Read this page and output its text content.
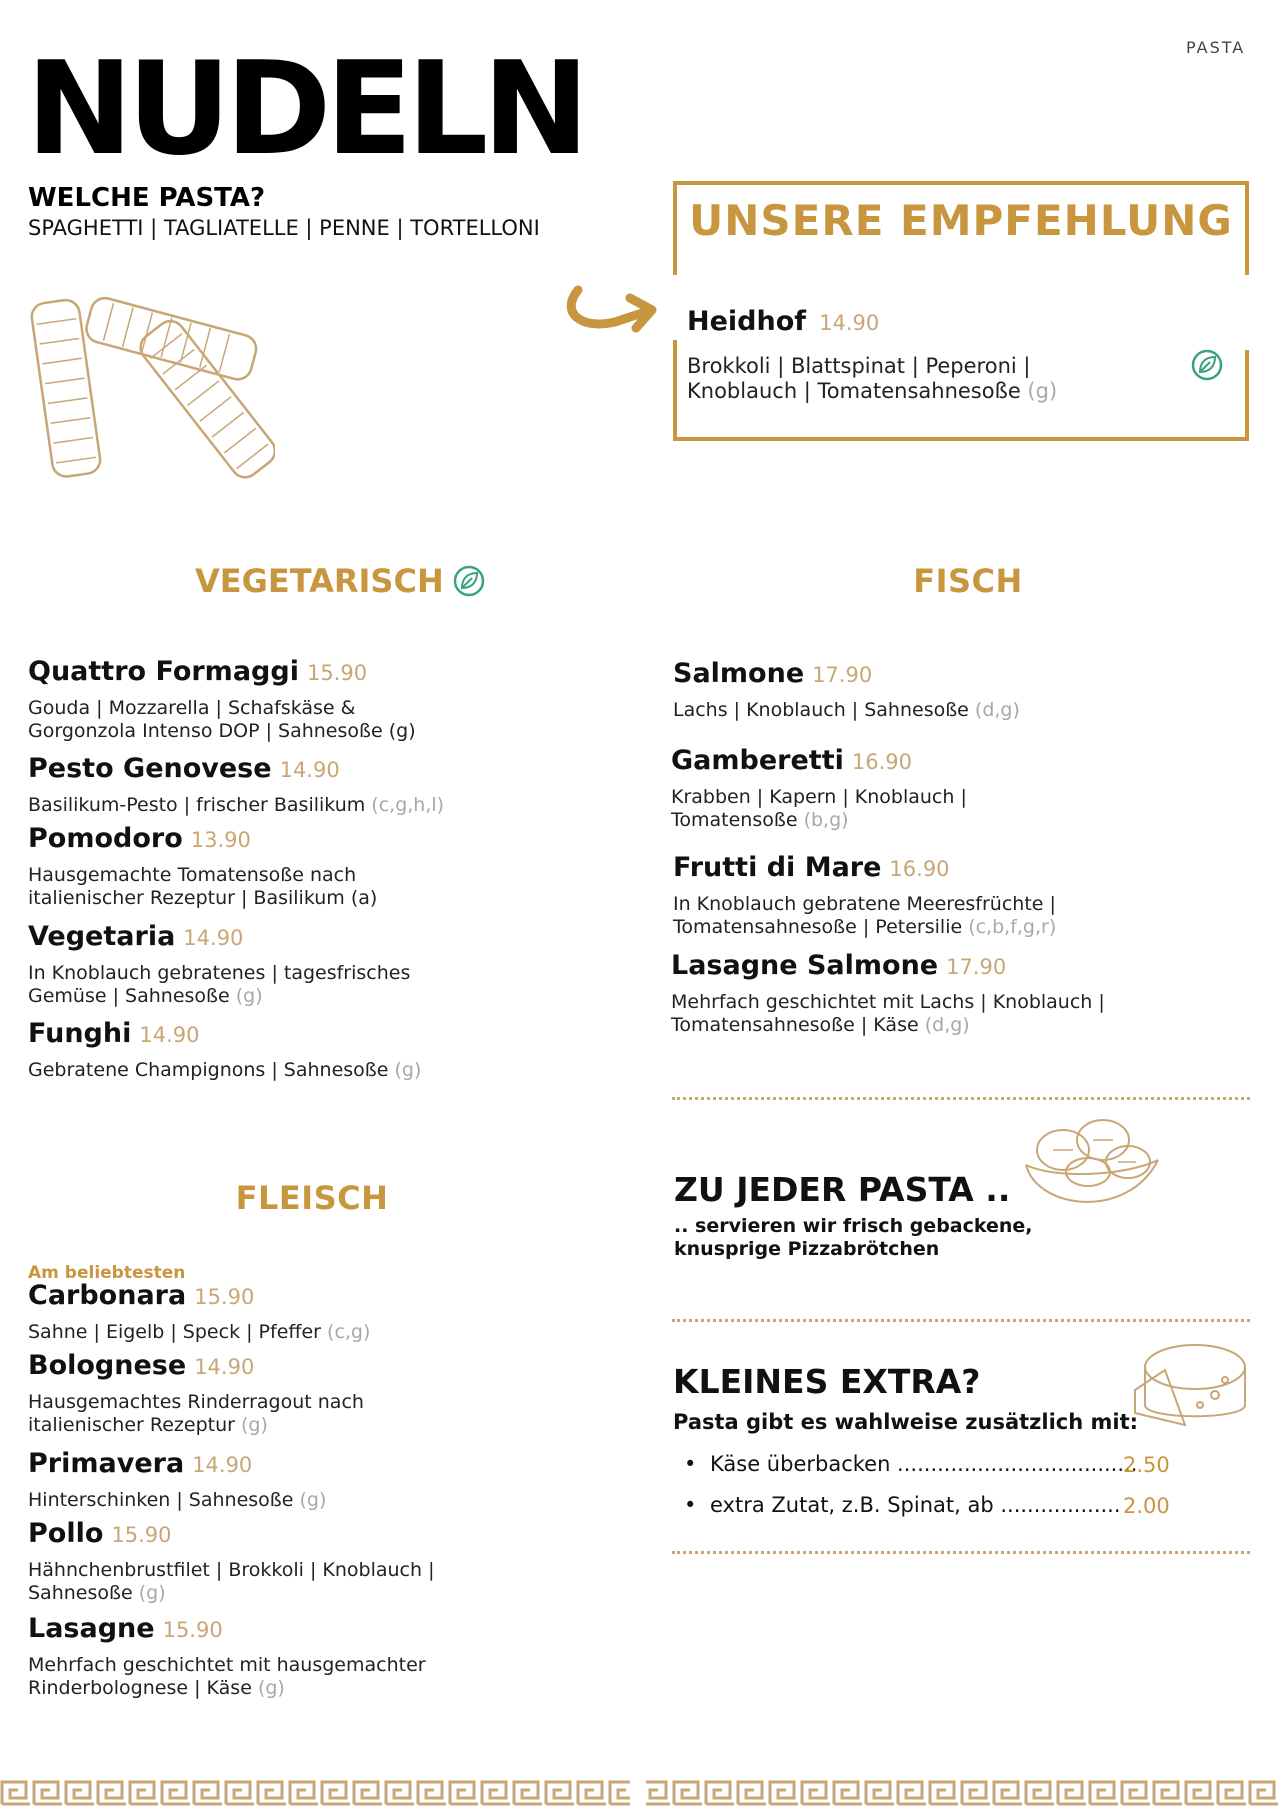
PASTA
NUDELN
WELCHE PASTA?
SPAGHETTI | TAGLIATELLE | PENNE | TORTELLONI	UNSERE EMPFEHLUNG
Heidhof 14.90
Brokkoli | Blattspinat | Peperoni |
Knoblauch | Tomatensahnesoße (g)
VEGETARISCH
Quattro Formaggi 15.90
Gouda | Mozzarella | Schafskäse &
Gorgonzola Intenso DOP | Sahnesoße (g)
Pesto Genovese 14.90
Basilikum-Pesto | frischer Basilikum (c,g,h,l)
Pomodoro 13.90
Hausgemachte Tomatensoße nach
italienischer Rezeptur | Basilikum (a)
Vegetaria 14.90
In Knoblauch gebratenes | tagesfrisches
Gemüse | Sahnesoße (g)
Funghi 14.90
Gebratene Champignons | Sahnesoße (g)
FISCH
Salmone 17.90
Lachs | Knoblauch | Sahnesoße (d,g)
Gamberetti 16.90
Krabben | Kapern | Knoblauch |
Tomatensoße (b,g)
Frutti di Mare 16.90
In Knoblauch gebratene Meeresfrüchte |
Tomatensahnesoße | Petersilie (c,b,f,g,r)
Lasagne Salmone 17.90
Mehrfach geschichtet mit Lachs | Knoblauch |
Tomatensahnesoße | Käse (d,g)
ZU JEDER PASTA ..
.. servieren wir frisch gebackene,
knusprige Pizzabrötchen
KLEINES EXTRA?
Pasta gibt es wahlweise zusätzlich mit:
• Käse überbacken ....................................
2.50
• extra Zutat, z.B. Spinat, ab .................. 2.00
FLEISCH
Am beliebtesten
Carbonara 15.90
Sahne | Eigelb | Speck | Pfeffer (c,g)
Bolognese 14.90
Hausgemachtes Rinderragout nach
italienischer Rezeptur (g)
Primavera 14.90
Hinterschinken | Sahnesoße (g)
Pollo 15.90
Hähnchenbrustfilet | Brokkoli | Knoblauch |
Sahnesoße (g)
Lasagne 15.90
Mehrfach geschichtet mit hausgemachter
Rinderbolognese | Käse (g)
